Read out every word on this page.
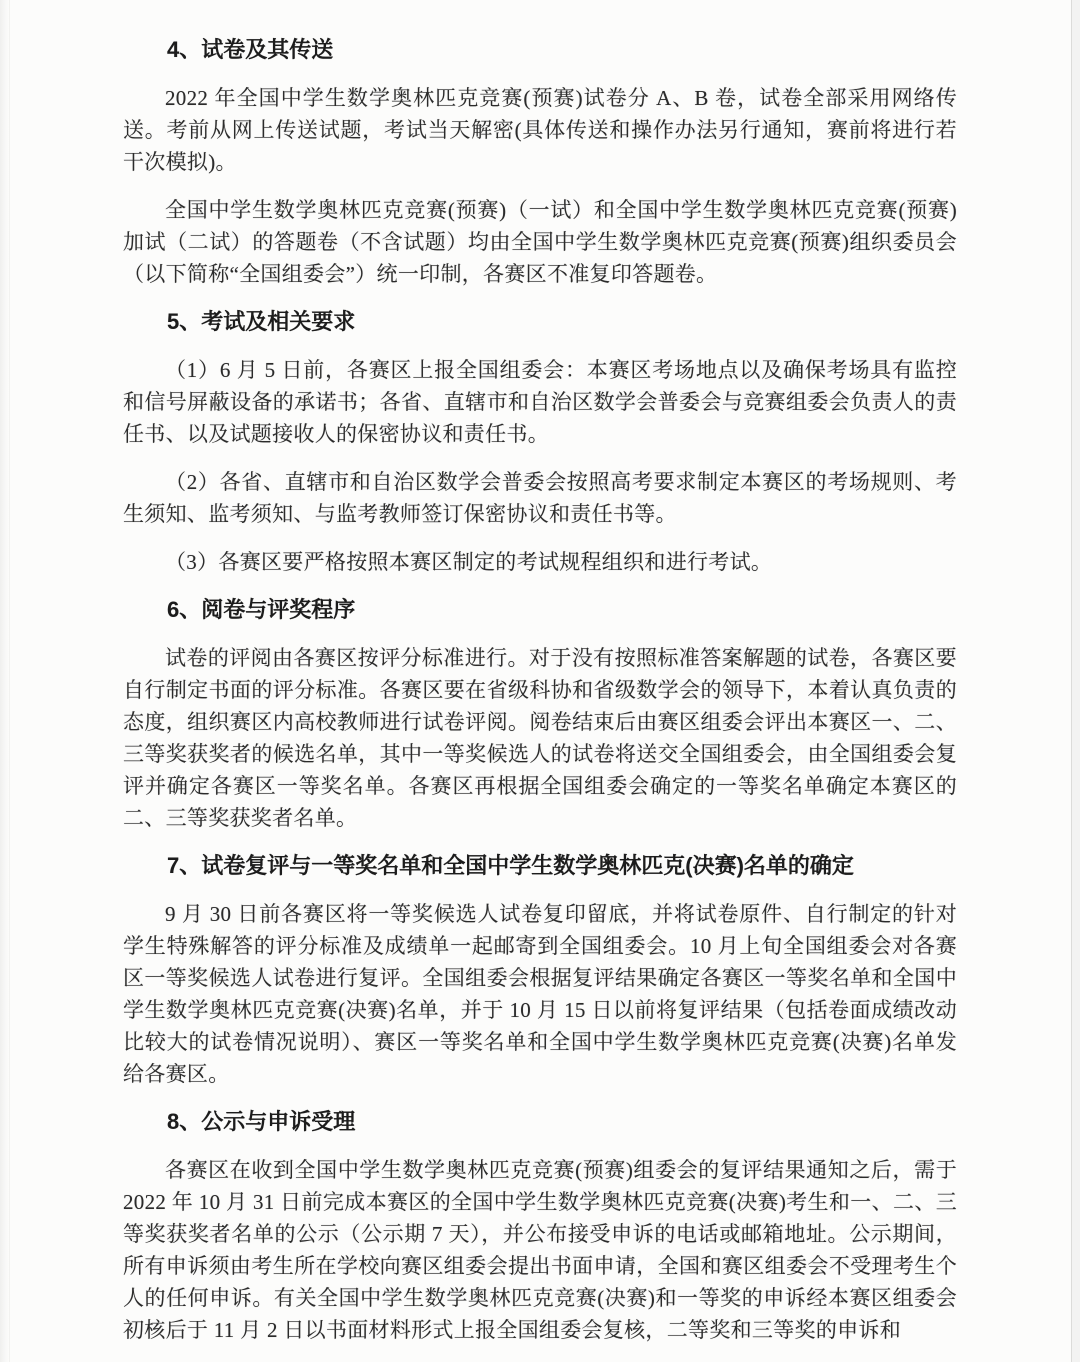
4、试卷及其传送

2022 年全国中学生数学奥林匹克竞赛(预赛)试卷分 A、B 卷，试卷全部采用网络传送。考前从网上传送试题，考试当天解密(具体传送和操作办法另行通知，赛前将进行若干次模拟)。

全国中学生数学奥林匹克竞赛(预赛)（一试）和全国中学生数学奥林匹克竞赛(预赛)加试（二试）的答题卷（不含试题）均由全国中学生数学奥林匹克竞赛(预赛)组织委员会（以下简称“全国组委会”）统一印制，各赛区不准复印答题卷。

5、考试及相关要求

（1）6 月 5 日前，各赛区上报全国组委会：本赛区考场地点以及确保考场具有监控和信号屏蔽设备的承诺书；各省、直辖市和自治区数学会普委会与竞赛组委会负责人的责任书、以及试题接收人的保密协议和责任书。

（2）各省、直辖市和自治区数学会普委会按照高考要求制定本赛区的考场规则、考生须知、监考须知、与监考教师签订保密协议和责任书等。

（3）各赛区要严格按照本赛区制定的考试规程组织和进行考试。

6、阅卷与评奖程序

试卷的评阅由各赛区按评分标准进行。对于没有按照标准答案解题的试卷，各赛区要自行制定书面的评分标准。各赛区要在省级科协和省级数学会的领导下，本着认真负责的态度，组织赛区内高校教师进行试卷评阅。阅卷结束后由赛区组委会评出本赛区一、二、三等奖获奖者的候选名单，其中一等奖候选人的试卷将送交全国组委会，由全国组委会复评并确定各赛区一等奖名单。各赛区再根据全国组委会确定的一等奖名单确定本赛区的二、三等奖获奖者名单。

7、试卷复评与一等奖名单和全国中学生数学奥林匹克(决赛)名单的确定

9 月 30 日前各赛区将一等奖候选人试卷复印留底，并将试卷原件、自行制定的针对学生特殊解答的评分标准及成绩单一起邮寄到全国组委会。10 月上旬全国组委会对各赛区一等奖候选人试卷进行复评。全国组委会根据复评结果确定各赛区一等奖名单和全国中学生数学奥林匹克竞赛(决赛)名单，并于 10 月 15 日以前将复评结果（包括卷面成绩改动比较大的试卷情况说明）、赛区一等奖名单和全国中学生数学奥林匹克竞赛(决赛)名单发给各赛区。

8、公示与申诉受理

各赛区在收到全国中学生数学奥林匹克竞赛(预赛)组委会的复评结果通知之后，需于 2022 年 10 月 31 日前完成本赛区的全国中学生数学奥林匹克竞赛(决赛)考生和一、二、三等奖获奖者名单的公示（公示期 7 天），并公布接受申诉的电话或邮箱地址。公示期间，所有申诉须由考生所在学校向赛区组委会提出书面申请，全国和赛区组委会不受理考生个人的任何申诉。有关全国中学生数学奥林匹克竞赛(决赛)和一等奖的申诉经本赛区组委会初核后于 11 月 2 日以书面材料形式上报全国组委会复核，二等奖和三等奖的申诉和
